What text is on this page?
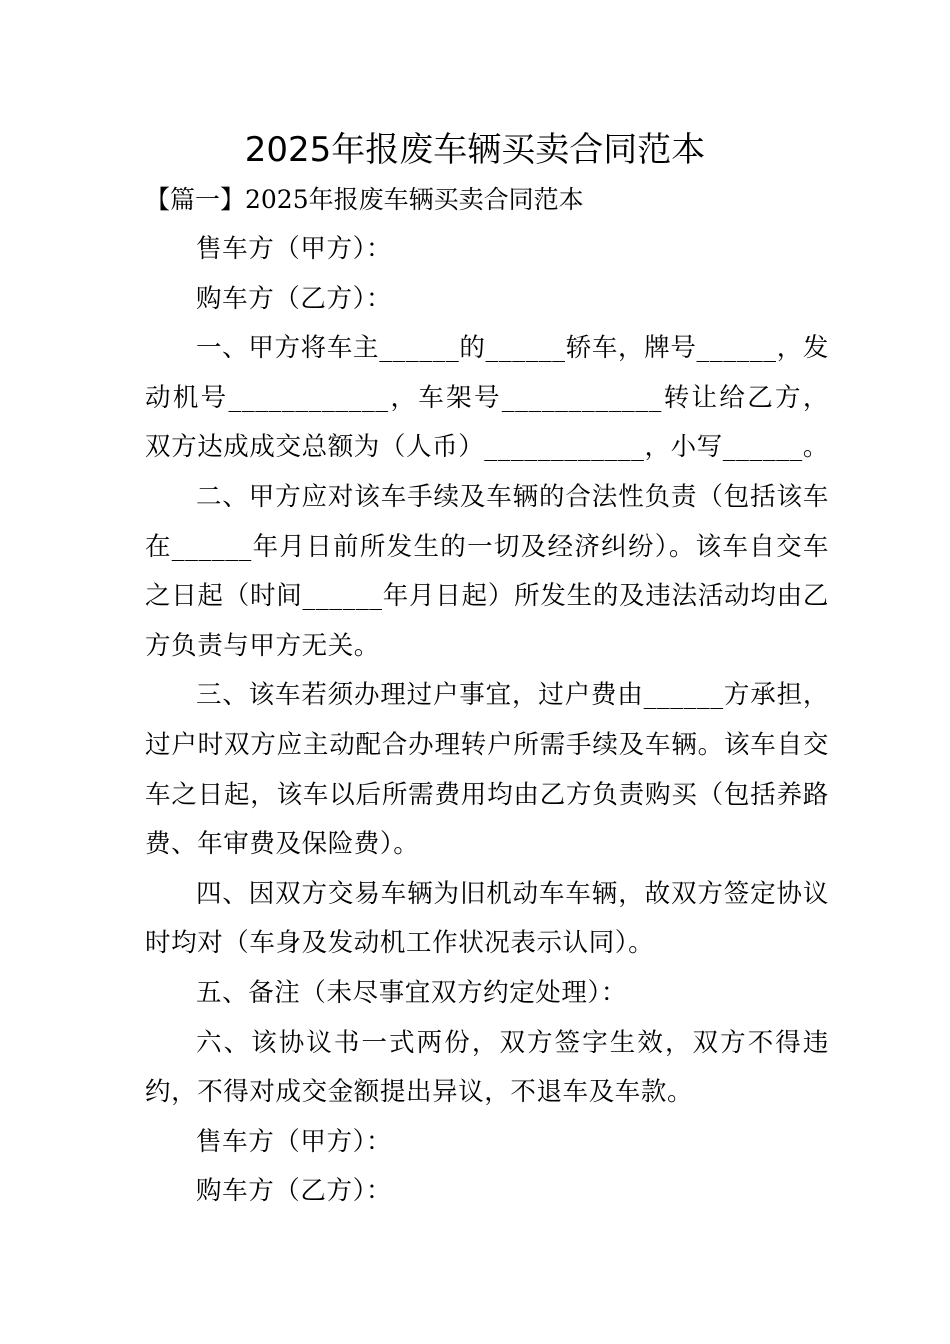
2025年报废车辆买卖合同范本
【篇一】2025年报废车辆买卖合同范本

售车方（甲方）：

购车方（乙方）：

一、甲方将车主______的______轿车，牌号______，发动机号____________，车架号____________转让给乙方，双方达成成交总额为（人币）____________，小写______。

二、甲方应对该车手续及车辆的合法性负责（包括该车在______年月日前所发生的一切及经济纠纷）。该车自交车之日起（时间______年月日起）所发生的及违法活动均由乙方负责与甲方无关。

三、该车若须办理过户事宜，过户费由______方承担，过户时双方应主动配合办理转户所需手续及车辆。该车自交车之日起，该车以后所需费用均由乙方负责购买（包括养路费、年审费及保险费）。

四、因双方交易车辆为旧机动车车辆，故双方签定协议时均对（车身及发动机工作状况表示认同）。

五、备注（未尽事宜双方约定处理）：

六、该协议书一式两份，双方签字生效，双方不得违约，不得对成交金额提出异议，不退车及车款。

售车方（甲方）：

购车方（乙方）：
